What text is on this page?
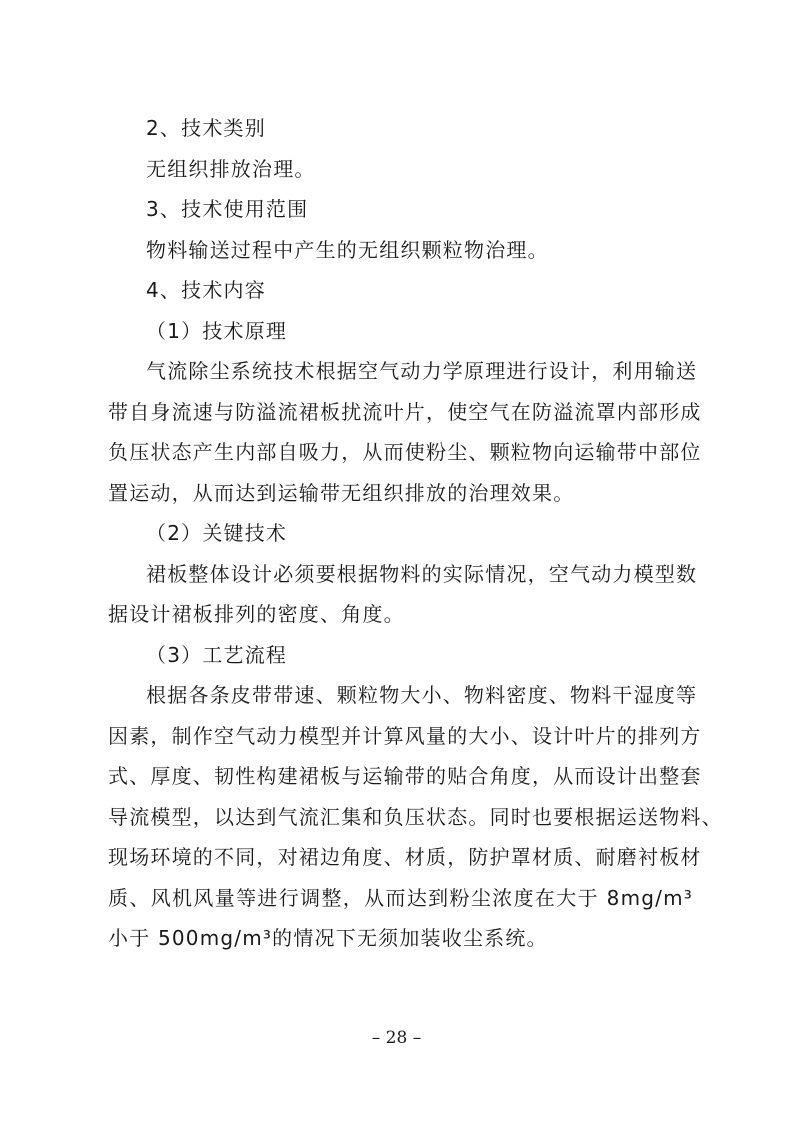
2、技术类别
无组织排放治理。
3、技术使用范围
物料输送过程中产生的无组织颗粒物治理。
4、技术内容
（1）技术原理
气流除尘系统技术根据空气动力学原理进行设计，利用输送
带自身流速与防溢流裙板扰流叶片，使空气在防溢流罩内部形成
负压状态产生内部自吸力，从而使粉尘、颗粒物向运输带中部位
置运动，从而达到运输带无组织排放的治理效果。
（2）关键技术
裙板整体设计必须要根据物料的实际情况，空气动力模型数
据设计裙板排列的密度、角度。
（3）工艺流程
根据各条皮带带速、颗粒物大小、物料密度、物料干湿度等
因素，制作空气动力模型并计算风量的大小、设计叶片的排列方
式、厚度、韧性构建裙板与运输带的贴合角度，从而设计出整套
导流模型，以达到气流汇集和负压状态。同时也要根据运送物料、
现场环境的不同，对裙边角度、材质，防护罩材质、耐磨衬板材
质、风机风量等进行调整，从而达到粉尘浓度在大于 8mg/m³
小于 500mg/m³的情况下无须加装收尘系统。
– 28 –
